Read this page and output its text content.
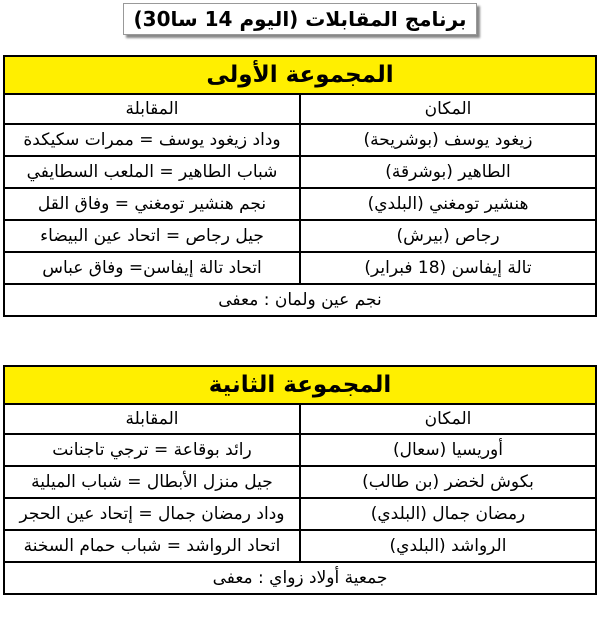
برنامج المقابلات (اليوم 14 سا30)
المجموعة الأولى	
المكان	المقابلة
زيغود يوسف (بوشريحة)	وداد زيغود يوسف = ممرات سكيكدة
الطاهير (بوشرقة)	شباب الطاهير = الملعب السطايفي
هنشير تومغني (البلدي)	نجم هنشير تومغني = وفاق القل
رجاص (بيرش)	جيل رجاص = اتحاد عين البيضاء
تالة إيفاسن (18 فبراير)	اتحاد تالة إيفاسن= وفاق عباس
نجم عين ولمان : معفى	
المجموعة الثانية	
المكان	المقابلة
أوريسيا (سعال)	رائد بوقاعة = ترجي تاجنانت
بكوش لخضر (بن طالب)	جيل منزل الأبطال = شباب الميلية
رمضان جمال (البلدي)	وداد رمضان جمال = إتحاد عين الحجر
الرواشد (البلدي)	اتحاد الرواشد = شباب حمام السخنة
جمعية أولاد زواي : معفى	
